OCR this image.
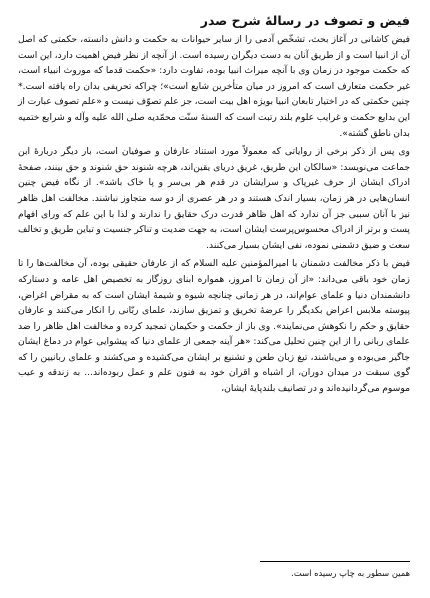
فیض و تصوف در رسالهٔ شرح صدر

فیض کاشانی در آغاز بحث، تشخّص آدمی را از سایر حیوانات به حکمت و دانش دانسته، حکمتی که اصل آن از انبیا است و از طریق آنان به دست دیگران رسیده است. از آنچه از نظر فیض اهمیت دارد، این است که حکمت موجود در زمان وی با آنچه میراث انبیا بوده، تفاوت دارد: «حکمت قدما که موروث انبیاء است، غیر حکمت متعارف است که امروز در میان متأخرین شایع است»؛ چراکه تحریفی بدان راه یافته است.* چنین حکمتی که در اختیار تابعان انبیا بویژه اهل بیت است، جز علم تصوّف نیست و «علم تصوف عبارت از این بدایع حکمت و غرایب علوم بلند رتبت است که السنهٔ سنّت محمّدیه صلی الله علیه وآله و شرایع ختمیه بدان ناطق گشته».

وی پس از ذکر برخی از روایاتی که معمولاً مورد استناد عارفان و صوفیان است، بار دیگر دربارهٔ ابن جماعت می‌نویسد: «سالکان این طریق، غریق دریای یقین‌اند، هرچه شنوند حق شنوند و حق بینند، صفحهٔ ادراک ایشان از حرف غیرپاک و سرایشان در قدم هر بی‌سر و پا خاک باشد». از نگاه فیض چنین انسان‌هایی در هر زمان، بسیار اندک هستند و در هر عصری از دو سه متجاوز نباشند. مخالفت اهل ظاهر نیز با آنان سببی جز آن ندارد که اهل ظاهر قدرت درک حقایق را ندارند و لذا با این علم که ورای افهام پست و برتر از ادراک محسوس‌پرست ایشان است، به جهت ضدیت و تناکر جنسیت و تباین طریق و تخالف سعت و ضیق دشمنی نموده، نفی ایشان بسیار می‌کنند.

فیض با ذکر مخالفت دشمنان با امیرالمؤمنین علیه السلام که از عارفان حقیقی بوده، آن مخالفت‌ها را تا زمان خود باقی می‌داند: «از آن زمان تا امروز، همواره ابنای روزگار به تخصیص اهل عامه و دستارکه دانشمندان دنیا و علمای عوام‌اند، در هر زمانی چنانچه شیوه و شیمهٔ ایشان است که به مقراض اغراض، پیوسته ملابس اعراض بکدیگر را عرضهٔ تخریق و تمزیق سازند، علمای ربّانی را انکار می‌کنند و عارفان حقایق و حکم را نکوهش می‌نمایند». وی باز از حکمت و حکیمان تمجید کرده و مخالفت اهل ظاهر را ضد علمای ربانی را از این چنین تحلیل می‌کند: «هر آینه جمعی از علمای دنیا که پیشوایی عوام در دماغ ایشان جاگیر می‌بوده و می‌باشند، تیغ زبان طعن و تشنیع بر ایشان می‌کشیده و می‌کشند و علمای ربانیین را که گوی سبقت در میدان دوران، از اشباه و اقران خود به فنون علم و عمل ربوده‌اند... به زندقه و عیب موسوم می‌گردانیده‌اند و در تصانیف بلندپایهٔ ایشان،

همین سطور به چاپ رسیده است.
